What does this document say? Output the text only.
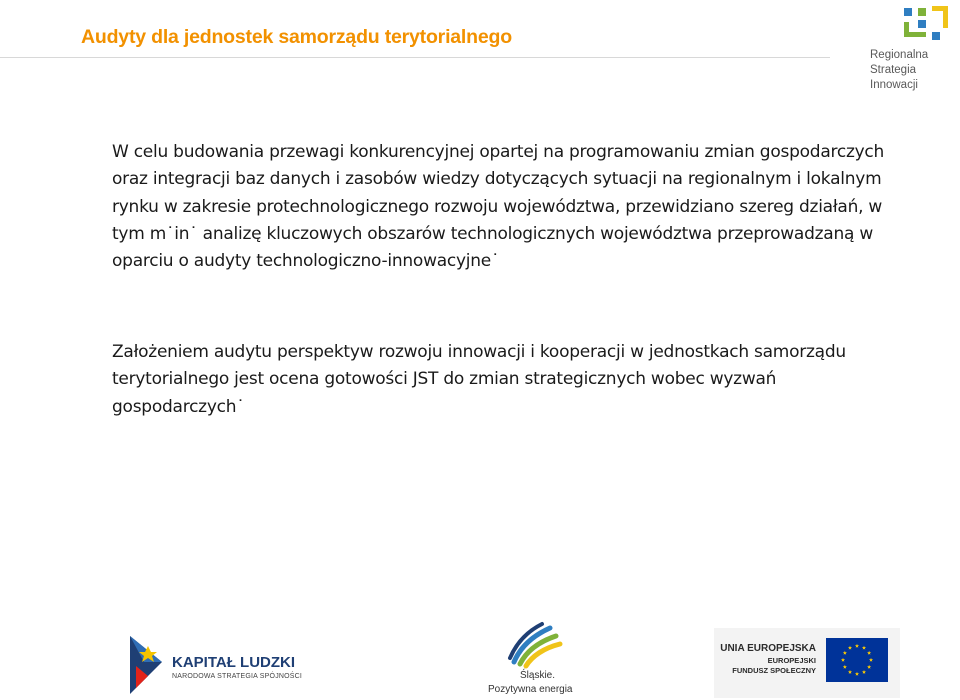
Audyty dla jednostek samorządu terytorialnego
Regionalna
Strategia
Innowacji
W celu budowania przewagi konkurencyjnej opartej na programowaniu zmian gospodarczych oraz integracji baz danych i zasobów wiedzy dotyczących sytuacji na regionalnym i lokalnym rynku w zakresie protechnologicznego rozwoju województwa, przewidziano szereg działań, w tym m˙in˙ analizę kluczowych obszarów technologicznych województwa przeprowadzaną w oparciu o audyty technologiczno-innowacyjne˙
Założeniem audytu perspektyw rozwoju innowacji i kooperacji w jednostkach samorządu terytorialnego jest ocena gotowości JST do zmian strategicznych wobec wyzwań gospodarczych˙
KAPITAŁ LUDZKI
NARODOWA STRATEGIA SPÓJNOŚCI	Śląskie.
Pozytywna energia
UNIA EUROPEJSKA
EUROPEJSKI
FUNDUSZ SPOŁECZNY
